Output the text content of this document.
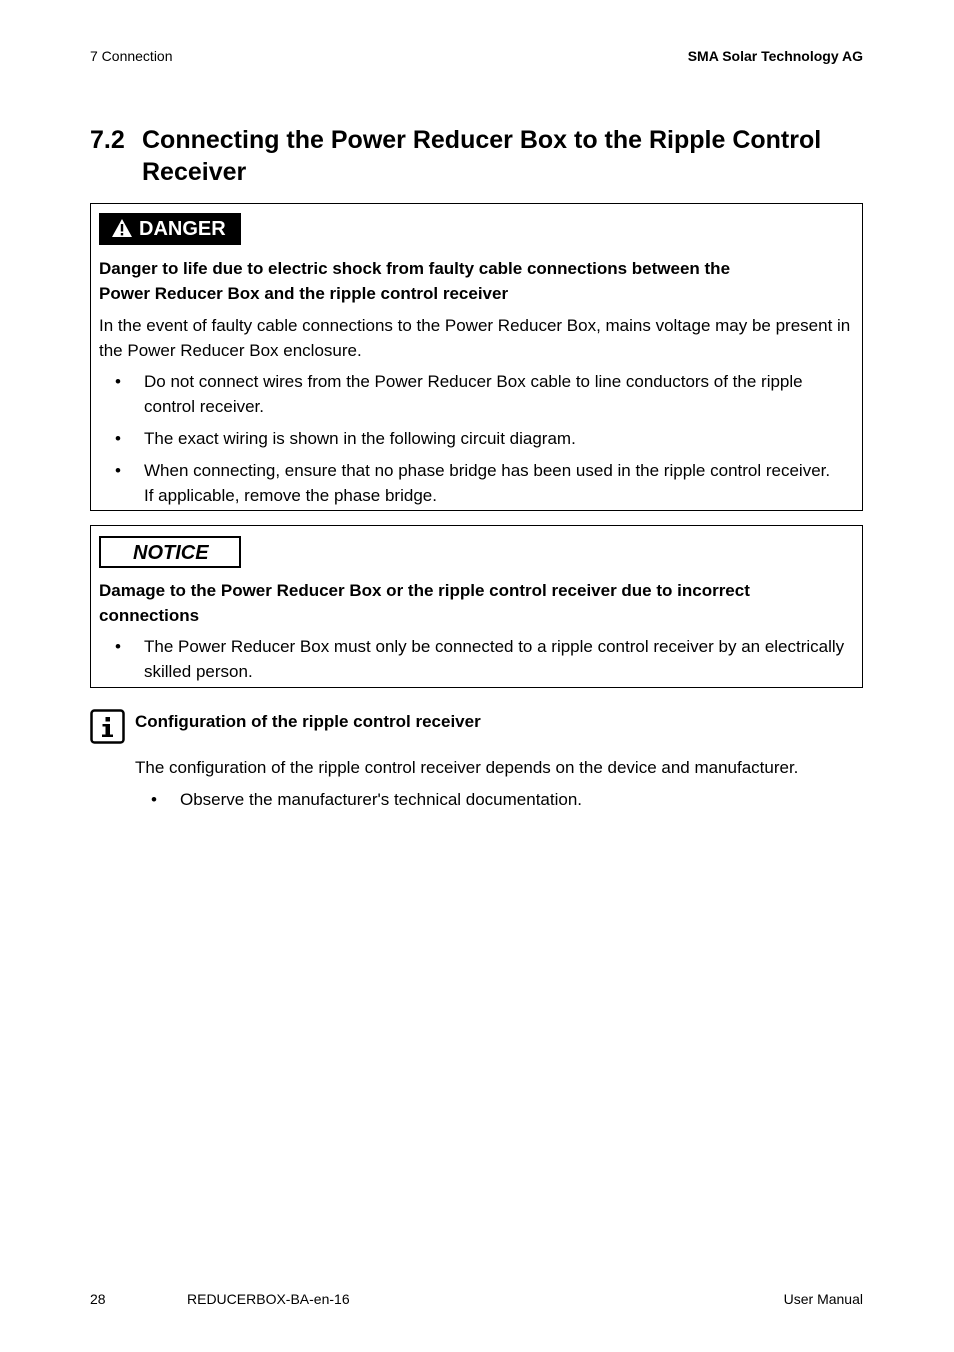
7 Connection	SMA Solar Technology AG
7.2 Connecting the Power Reducer Box to the Ripple Control Receiver
DANGER
Danger to life due to electric shock from faulty cable connections between the
Power Reducer Box and the ripple control receiver
In the event of faulty cable connections to the Power Reducer Box, mains voltage may be present in
the Power Reducer Box enclosure.
• Do not connect wires from the Power Reducer Box cable to line conductors of the ripple
control receiver.
• The exact wiring is shown in the following circuit diagram.
• When connecting, ensure that no phase bridge has been used in the ripple control receiver.
If applicable, remove the phase bridge.
NOTICE
Damage to the Power Reducer Box or the ripple control receiver due to incorrect
connections
• The Power Reducer Box must only be connected to a ripple control receiver by an electrically
skilled person.
Configuration of the ripple control receiver
The configuration of the ripple control receiver depends on the device and manufacturer.
• Observe the manufacturer's technical documentation.
28	REDUCERBOX-BA-en-16	User Manual
